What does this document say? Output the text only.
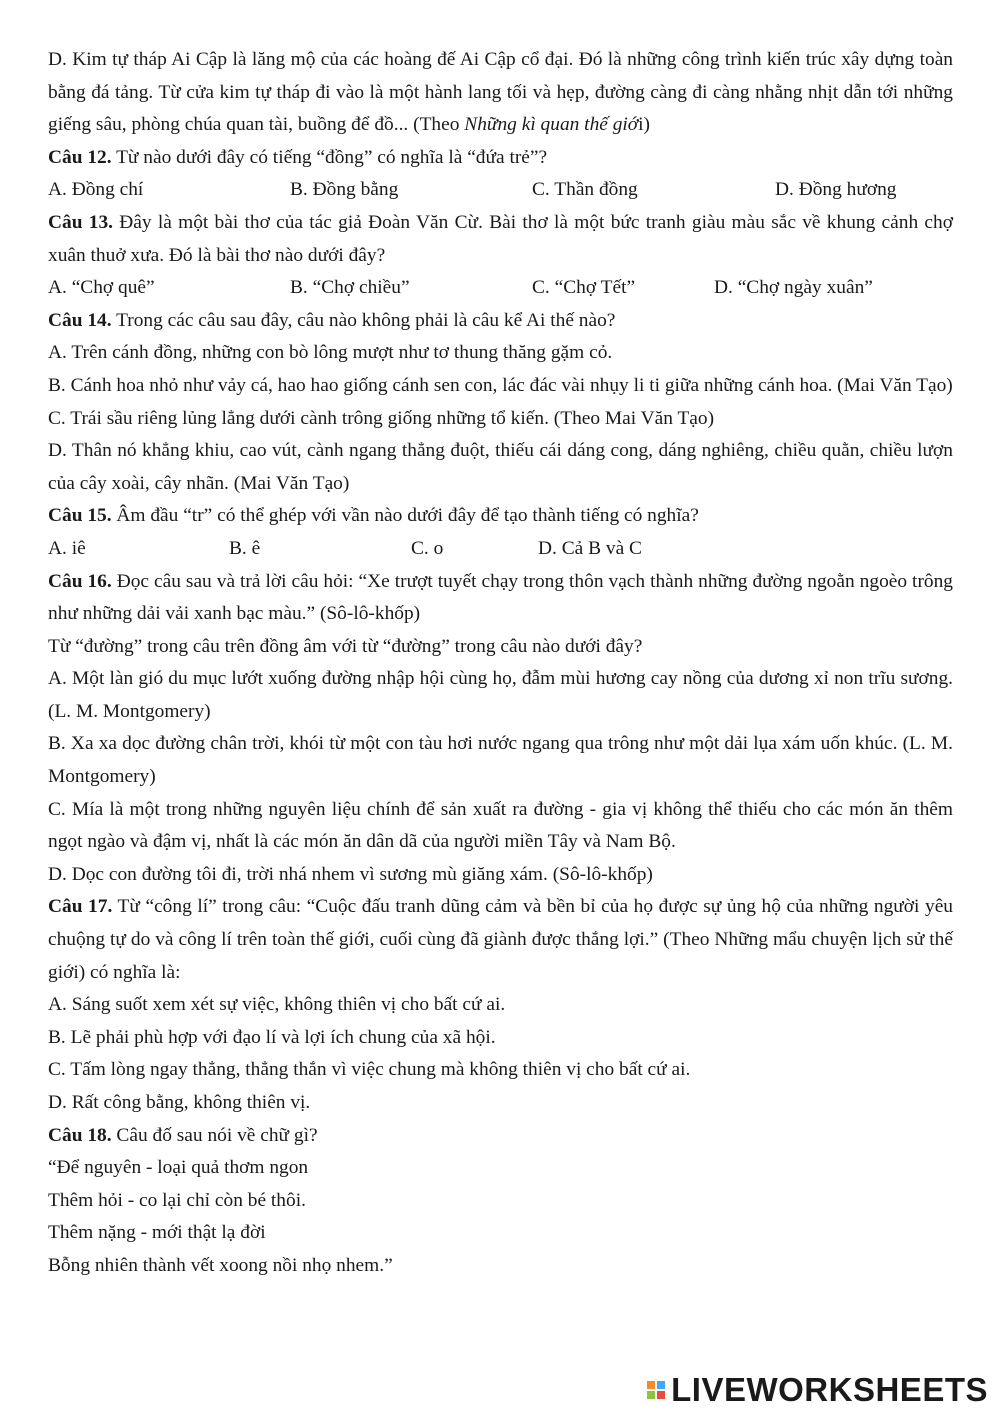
D. Kim tự tháp Ai Cập là lăng mộ của các hoàng đế Ai Cập cổ đại. Đó là những công trình kiến trúc xây dựng toàn bằng đá tảng. Từ cửa kim tự tháp đi vào là một hành lang tối và hẹp, đường càng đi càng nhằng nhịt dẫn tới những giếng sâu, phòng chúa quan tài, buồng để đồ... (Theo Những kì quan thế giới)

Câu 12. Từ nào dưới đây có tiếng “đồng” có nghĩa là “đứa trẻ”?

A. Đồng chí	B. Đồng bằng	C. Thần đồng	D. Đồng hương

Câu 13. Đây là một bài thơ của tác giả Đoàn Văn Cừ. Bài thơ là một bức tranh giàu màu sắc về khung cảnh chợ xuân thuở xưa. Đó là bài thơ nào dưới đây?

A. “Chợ quê”	B. “Chợ chiều”	C. “Chợ Tết”	D. “Chợ ngày xuân”

Câu 14. Trong các câu sau đây, câu nào không phải là câu kể Ai thế nào?

A. Trên cánh đồng, những con bò lông mượt như tơ thung thăng gặm cỏ.

B. Cánh hoa nhỏ như vảy cá, hao hao giống cánh sen con, lác đác vài nhụy li ti giữa những cánh hoa. (Mai Văn Tạo)

C. Trái sầu riêng lủng lẳng dưới cành trông giống những tổ kiến. (Theo Mai Văn Tạo)

D. Thân nó khẳng khiu, cao vút, cành ngang thẳng đuột, thiếu cái dáng cong, dáng nghiêng, chiều quằn, chiều lượn của cây xoài, cây nhãn. (Mai Văn Tạo)

Câu 15. Âm đầu “tr” có thể ghép với vần nào dưới đây để tạo thành tiếng có nghĩa?

A. iê	B. ê	C. o	D. Cả B và C

Câu 16. Đọc câu sau và trả lời câu hỏi: “Xe trượt tuyết chạy trong thôn vạch thành những đường ngoằn ngoèo trông như những dải vải xanh bạc màu.” (Sô-lô-khốp)

Từ “đường” trong câu trên đồng âm với từ “đường” trong câu nào dưới đây?

A. Một làn gió du mục lướt xuống đường nhập hội cùng họ, đẫm mùi hương cay nồng của dương xỉ non trĩu sương. (L. M. Montgomery)

B. Xa xa dọc đường chân trời, khói từ một con tàu hơi nước ngang qua trông như một dải lụa xám uốn khúc. (L. M. Montgomery)

C. Mía là một trong những nguyên liệu chính để sản xuất ra đường - gia vị không thể thiếu cho các món ăn thêm ngọt ngào và đậm vị, nhất là các món ăn dân dã của người miền Tây và Nam Bộ.

D. Dọc con đường tôi đi, trời nhá nhem vì sương mù giăng xám. (Sô-lô-khốp)

Câu 17. Từ “công lí” trong câu: “Cuộc đấu tranh dũng cảm và bền bỉ của họ được sự ủng hộ của những người yêu chuộng tự do và công lí trên toàn thế giới, cuối cùng đã giành được thắng lợi.” (Theo Những mẩu chuyện lịch sử thế giới) có nghĩa là:

A. Sáng suốt xem xét sự việc, không thiên vị cho bất cứ ai.

B. Lẽ phải phù hợp với đạo lí và lợi ích chung của xã hội.

C. Tấm lòng ngay thẳng, thẳng thắn vì việc chung mà không thiên vị cho bất cứ ai.

D. Rất công bằng, không thiên vị.

Câu 18. Câu đố sau nói về chữ gì?

“Để nguyên - loại quả thơm ngon

Thêm hỏi - co lại chỉ còn bé thôi.

Thêm nặng - mới thật lạ đời

Bỗng nhiên thành vết xoong nồi nhọ nhem.”

LIVEWORKSHEETS
